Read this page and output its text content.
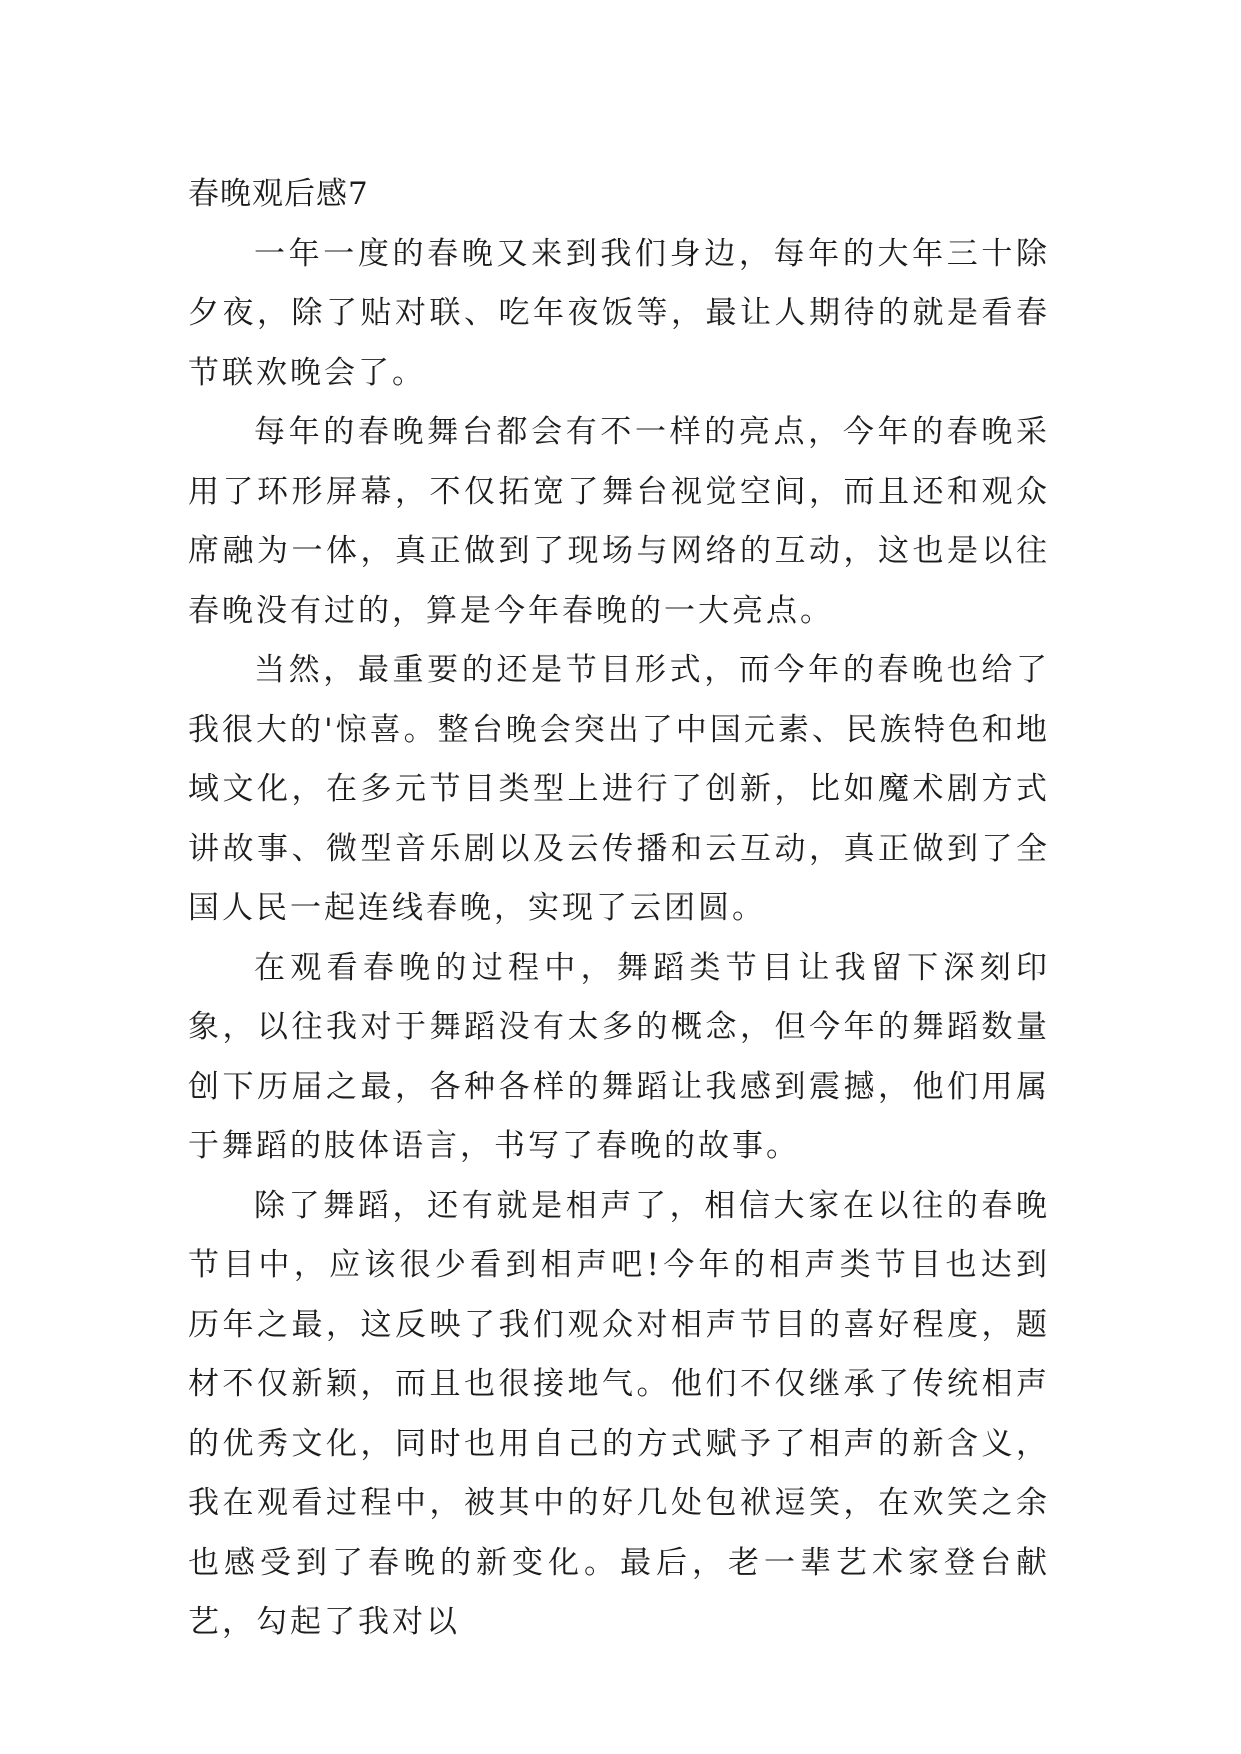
春晚观后感7

一年一度的春晚又来到我们身边，每年的大年三十除夕夜，除了贴对联、吃年夜饭等，最让人期待的就是看春节联欢晚会了。

每年的春晚舞台都会有不一样的亮点，今年的春晚采用了环形屏幕，不仅拓宽了舞台视觉空间，而且还和观众席融为一体，真正做到了现场与网络的互动，这也是以往春晚没有过的，算是今年春晚的一大亮点。

当然，最重要的还是节目形式，而今年的春晚也给了我很大的'惊喜。整台晚会突出了中国元素、民族特色和地域文化，在多元节目类型上进行了创新，比如魔术剧方式讲故事、微型音乐剧以及云传播和云互动，真正做到了全国人民一起连线春晚，实现了云团圆。

在观看春晚的过程中，舞蹈类节目让我留下深刻印象，以往我对于舞蹈没有太多的概念，但今年的舞蹈数量创下历届之最，各种各样的舞蹈让我感到震撼，他们用属于舞蹈的肢体语言，书写了春晚的故事。

除了舞蹈，还有就是相声了，相信大家在以往的春晚节目中，应该很少看到相声吧!今年的相声类节目也达到历年之最，这反映了我们观众对相声节目的喜好程度，题材不仅新颖，而且也很接地气。他们不仅继承了传统相声的优秀文化，同时也用自己的方式赋予了相声的新含义，我在观看过程中，被其中的好几处包袱逗笑，在欢笑之余也感受到了春晚的新变化。最后，老一辈艺术家登台献艺，勾起了我对以
